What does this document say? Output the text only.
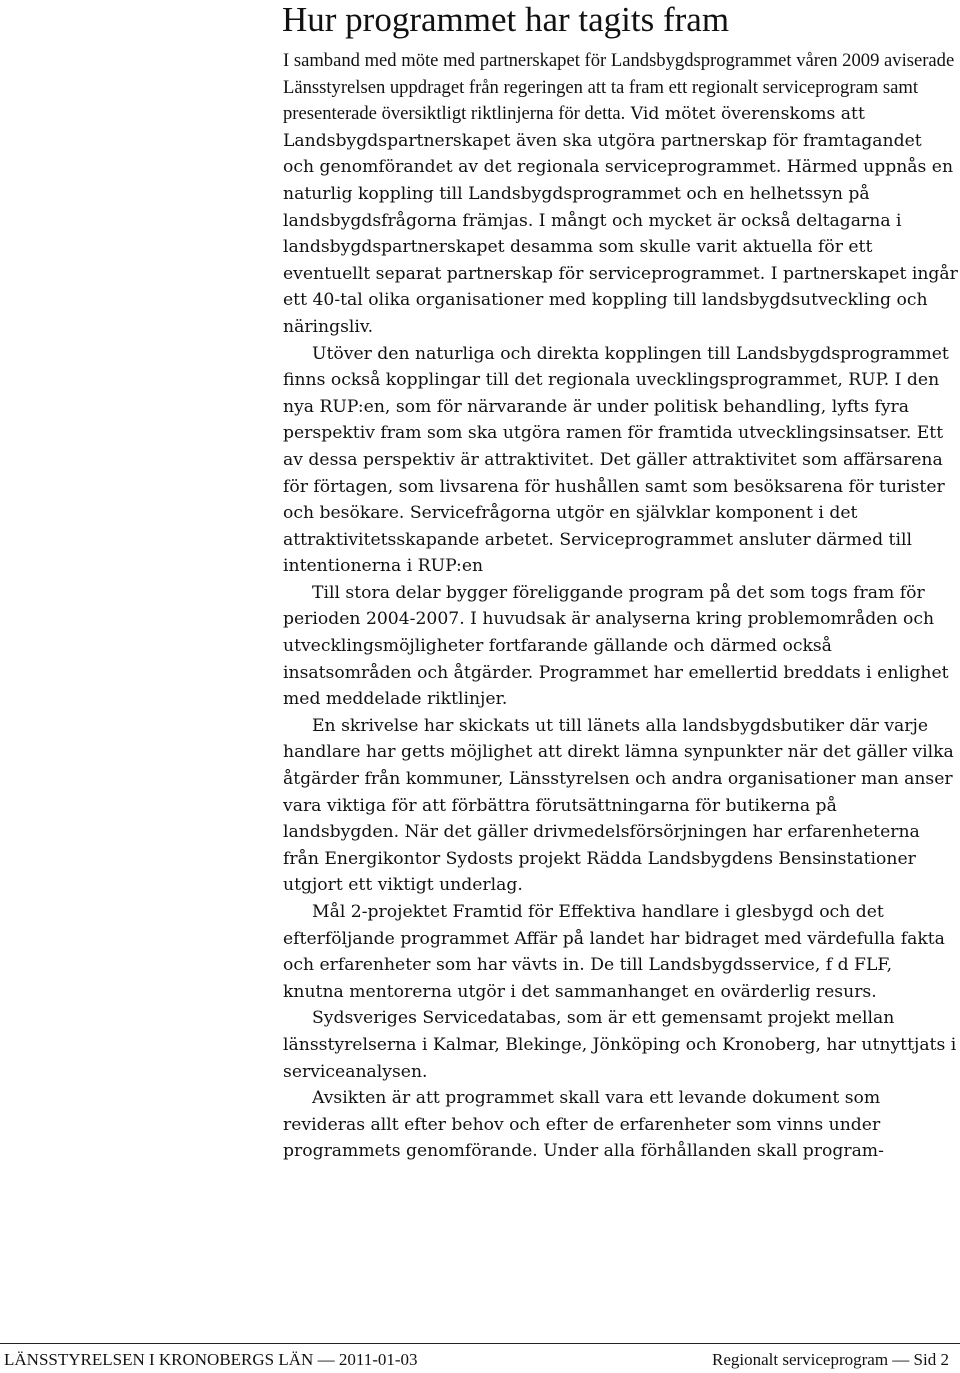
Hur programmet har tagits fram

I samband med möte med partnerskapet för Landsbygdsprogrammet våren 2009 aviserade Länsstyrelsen uppdraget från regeringen att ta fram ett regionalt serviceprogram samt presenterade översiktligt riktlinjerna för detta. Vid mötet överenskoms att Landsbygdspartnerskapet även ska utgöra partnerskap för framtagandet och genomförandet av det regionala serviceprogrammet. Härmed uppnås en naturlig koppling till Landsbygdsprogrammet och en helhetssyn på landsbygdsfrågorna främjas. I mångt och mycket är också deltagarna i landsbygdspartnerskapet desamma som skulle varit aktuella för ett eventuellt separat partnerskap för serviceprogrammet. I partnerskapet ingår ett 40-tal olika organisationer med koppling till landsbygdsutveckling och näringsliv.

Utöver den naturliga och direkta kopplingen till Landsbygdsprogrammet finns också kopplingar till det regionala uvecklingsprogrammet, RUP. I den nya RUP:en, som för närvarande är under politisk behandling, lyfts fyra perspektiv fram som ska utgöra ramen för framtida utvecklingsinsatser. Ett av dessa perspektiv är attraktivitet. Det gäller attraktivitet som affärsarena för förtagen, som livsarena för hushållen samt som besöksarena för turister och besökare. Servicefrågorna utgör en självklar komponent i det attraktivitetsskapande arbetet. Serviceprogrammet ansluter därmed till intentionerna i RUP:en

Till stora delar bygger föreliggande program på det som togs fram för perioden 2004-2007. I huvudsak är analyserna kring problemområden och utvecklingsmöjligheter fortfarande gällande och därmed också insatsområden och åtgärder. Programmet har emellertid breddats i enlighet med meddelade riktlinjer.

En skrivelse har skickats ut till länets alla landsbygdsbutiker där varje handlare har getts möjlighet att direkt lämna synpunkter när det gäller vilka åtgärder från kommuner, Länsstyrelsen och andra organisationer man anser vara viktiga för att förbättra förutsättningarna för butikerna på landsbygden. När det gäller drivmedelsförsörjningen har erfarenheterna från Energikontor Sydosts projekt Rädda Landsbygdens Bensinstationer utgjort ett viktigt underlag.

Mål 2-projektet Framtid för Effektiva handlare i glesbygd och det efterföljande programmet Affär på landet har bidraget med värdefulla fakta och erfarenheter som har vävts in. De till Landsbygdsservice, f d FLF, knutna mentorerna utgör i det sammanhanget en ovärderlig resurs.

Sydsveriges Servicedatabas, som är ett gemensamt projekt mellan länsstyrelserna i Kalmar, Blekinge, Jönköping och Kronoberg, har utnyttjats i serviceanalysen.

Avsikten är att programmet skall vara ett levande dokument som revideras allt efter behov och efter de erfarenheter som vinns under programmets genomförande. Under alla förhållanden skall program-

LÄNSSTYRELSEN I KRONOBERGS LÄN — 2011-01-03	Regionalt serviceprogram — Sid 2
